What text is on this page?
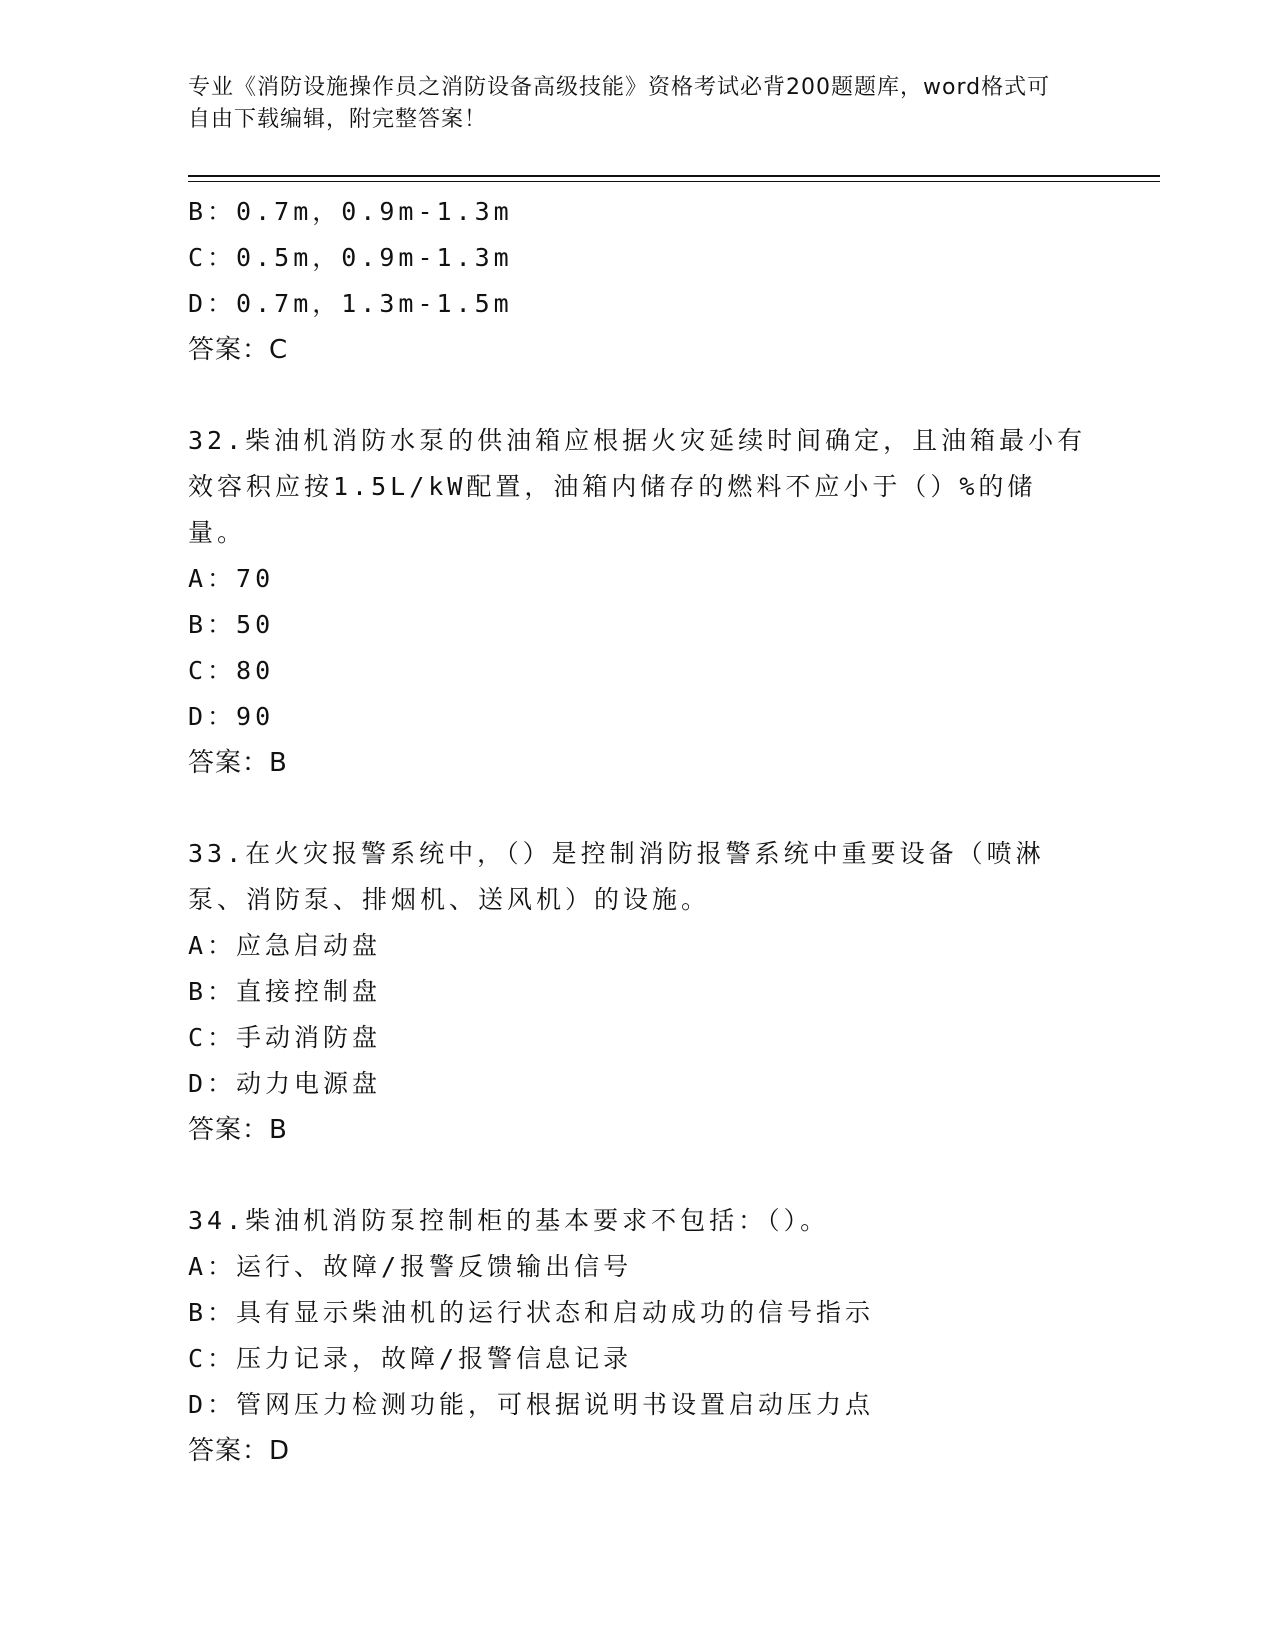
专业《消防设施操作员之消防设备高级技能》资格考试必背200题题库，word格式可自由下载编辑，附完整答案！
B：0.7m，0.9m-1.3m
C：0.5m，0.9m-1.3m
D：0.7m，1.3m-1.5m
答案：C
32.柴油机消防水泵的供油箱应根据火灾延续时间确定，且油箱最小有效容积应按1.5L/kW配置，油箱内储存的燃料不应小于（）%的储量。
A：70
B：50
C：80
D：90
答案：B
33.在火灾报警系统中，（）是控制消防报警系统中重要设备（喷淋泵、消防泵、排烟机、送风机）的设施。
A：应急启动盘
B：直接控制盘
C：手动消防盘
D：动力电源盘
答案：B
34.柴油机消防泵控制柜的基本要求不包括：（）。
A：运行、故障/报警反馈输出信号
B：具有显示柴油机的运行状态和启动成功的信号指示
C：压力记录，故障/报警信息记录
D：管网压力检测功能，可根据说明书设置启动压力点
答案：D
